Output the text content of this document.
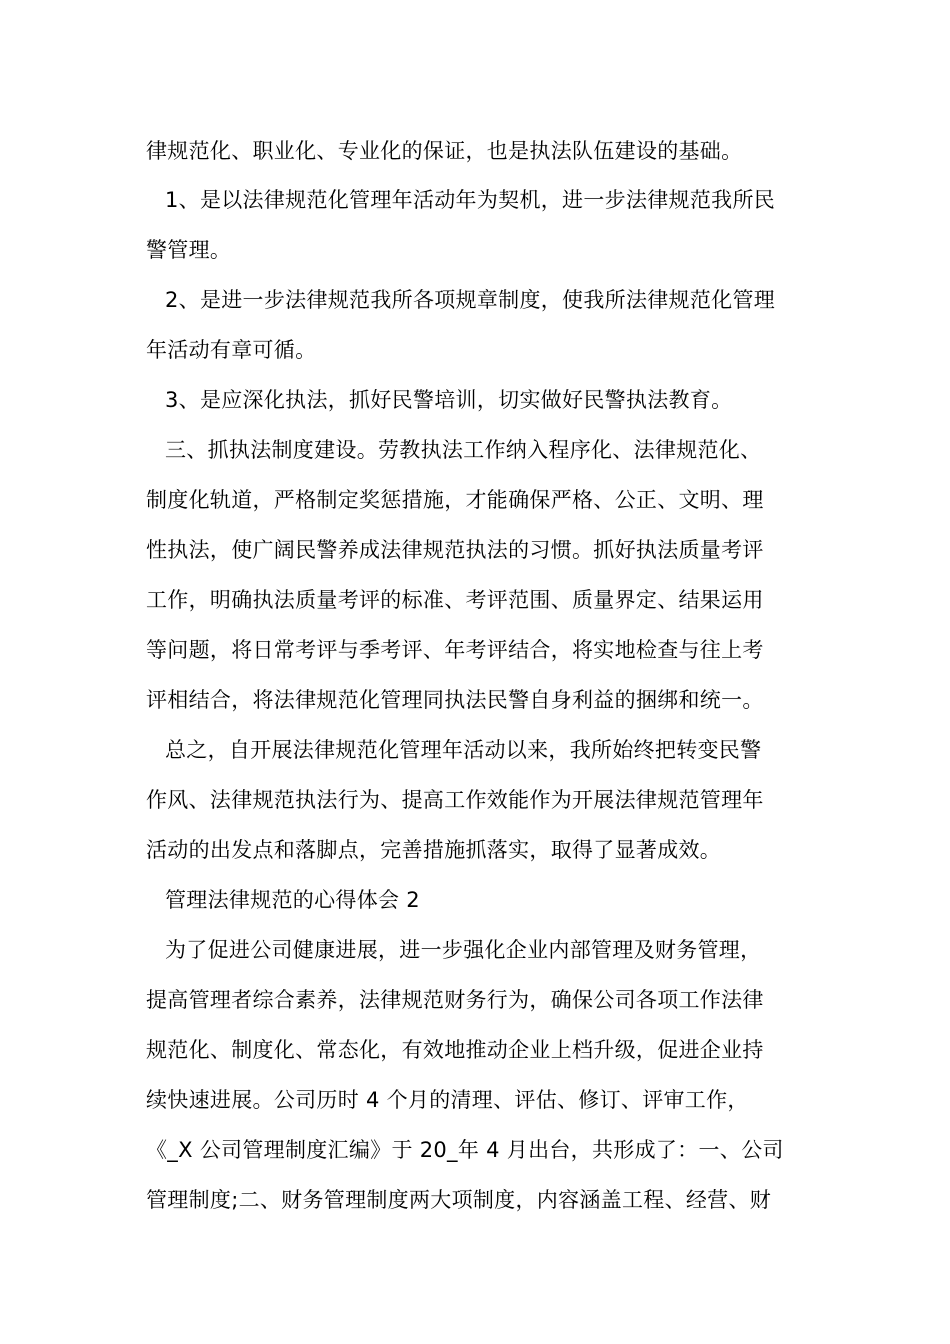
律规范化、职业化、专业化的保证，也是执法队伍建设的基础。
1、是以法律规范化管理年活动年为契机，进一步法律规范我所民
警管理。
2、是进一步法律规范我所各项规章制度，使我所法律规范化管理
年活动有章可循。
3、是应深化执法，抓好民警培训，切实做好民警执法教育。
三、抓执法制度建设。劳教执法工作纳入程序化、法律规范化、
制度化轨道，严格制定奖惩措施，才能确保严格、公正、文明、理
性执法，使广阔民警养成法律规范执法的习惯。抓好执法质量考评
工作，明确执法质量考评的标准、考评范围、质量界定、结果运用
等问题，将日常考评与季考评、年考评结合，将实地检查与往上考
评相结合，将法律规范化管理同执法民警自身利益的捆绑和统一。
总之，自开展法律规范化管理年活动以来，我所始终把转变民警
作风、法律规范执法行为、提高工作效能作为开展法律规范管理年
活动的出发点和落脚点，完善措施抓落实，取得了显著成效。
管理法律规范的心得体会 2
为了促进公司健康进展，进一步强化企业内部管理及财务管理，
提高管理者综合素养，法律规范财务行为，确保公司各项工作法律
规范化、制度化、常态化，有效地推动企业上档升级，促进企业持
续快速进展。公司历时 4 个月的清理、评估、修订、评审工作，
《_X 公司管理制度汇编》于 20_年 4 月出台，共形成了：一、公司
管理制度;二、财务管理制度两大项制度，内容涵盖工程、经营、财
